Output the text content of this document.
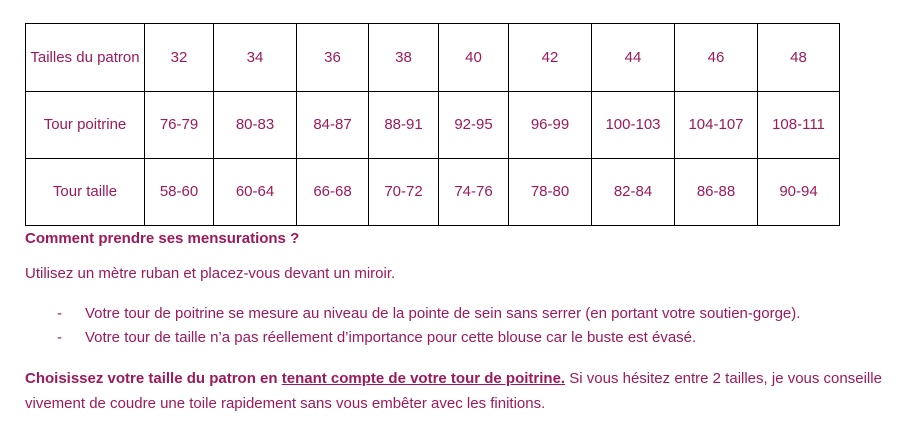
Tailles du patron	32	34	36	38	40	42	44	46	48
Tour poitrine	76-79	80-83	84-87	88-91	92-95	96-99	100-103	104-107	108-111
Tour taille	58-60	60-64	66-68	70-72	74-76	78-80	82-84	86-88	90-94

Comment prendre ses mensurations ?

Utilisez un mètre ruban et placez-vous devant un miroir.

- Votre tour de poitrine se mesure au niveau de la pointe de sein sans serrer (en portant votre soutien-gorge).
- Votre tour de taille n’a pas réellement d’importance pour cette blouse car le buste est évasé.

Choisissez votre taille du patron en tenant compte de votre tour de poitrine. Si vous hésitez entre 2 tailles, je vous conseille vivement de coudre une toile rapidement sans vous embêter avec les finitions.
